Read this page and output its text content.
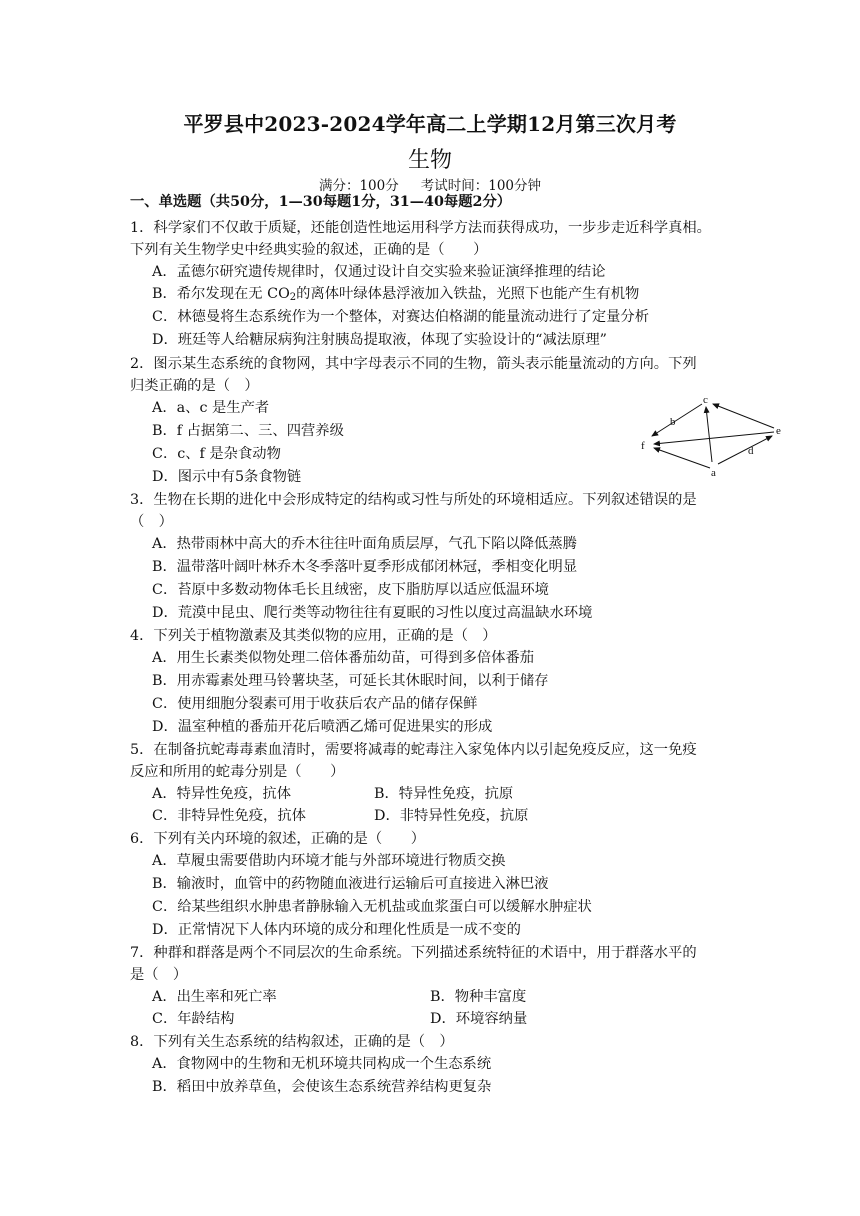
平罗县中2023-2024学年高二上学期12月第三次月考
生物
满分：100分 考试时间：100分钟
一、单选题（共50分，1—30每题1分，31—40每题2分）
1．科学家们不仅敢于质疑，还能创造性地运用科学方法而获得成功，一步步走近科学真相。
下列有关生物学史中经典实验的叙述，正确的是（　　）
A．孟德尔研究遗传规律时，仅通过设计自交实验来验证演绎推理的结论
B．希尔发现在无 $CO_2$的离体叶绿体悬浮液加入铁盐，光照下也能产生有机物
C．林德曼将生态系统作为一个整体，对赛达伯格湖的能量流动进行了定量分析
D．班廷等人给糖尿病狗注射胰岛提取液，体现了实验设计的“减法原理”
2．图示某生态系统的食物网，其中字母表示不同的生物，箭头表示能量流动的方向。下列
归类正确的是（　）
A．a、c 是生产者
B．f 占据第二、三、四营养级
C．c、f 是杂食动物
D．图示中有5条食物链
c
b
e
f	d
a
3．生物在长期的进化中会形成特定的结构或习性与所处的环境相适应。下列叙述错误的是
（　）
A．热带雨林中高大的乔木往往叶面角质层厚，气孔下陷以降低蒸腾
B．温带落叶阔叶林乔木冬季落叶夏季形成郁闭林冠，季相变化明显
C．苔原中多数动物体毛长且绒密，皮下脂肪厚以适应低温环境
D．荒漠中昆虫、爬行类等动物往往有夏眠的习性以度过高温缺水环境
4．下列关于植物激素及其类似物的应用，正确的是（　）
A．用生长素类似物处理二倍体番茄幼苗，可得到多倍体番茄
B．用赤霉素处理马铃薯块茎，可延长其休眠时间，以利于储存
C．使用细胞分裂素可用于收获后农产品的储存保鲜
D．温室种植的番茄开花后喷洒乙烯可促进果实的形成
5．在制备抗蛇毒毒素血清时，需要将减毒的蛇毒注入家兔体内以引起免疫反应，这一免疫
反应和所用的蛇毒分别是（　　）
A．特异性免疫，抗体	B．特异性免疫，抗原
C．非特异性免疫，抗体	D．非特异性免疫，抗原
6．下列有关内环境的叙述，正确的是（　　）
A．草履虫需要借助内环境才能与外部环境进行物质交换
B．输液时，血管中的药物随血液进行运输后可直接进入淋巴液
C．给某些组织水肿患者静脉输入无机盐或血浆蛋白可以缓解水肿症状
D．正常情况下人体内环境的成分和理化性质是一成不变的
7．种群和群落是两个不同层次的生命系统。下列描述系统特征的术语中，用于群落水平的
是（　）
A．出生率和死亡率	B．物种丰富度
C．年龄结构	D．环境容纳量
8．下列有关生态系统的结构叙述，正确的是（　）
A．食物网中的生物和无机环境共同构成一个生态系统
B．稻田中放养草鱼，会使该生态系统营养结构更复杂
